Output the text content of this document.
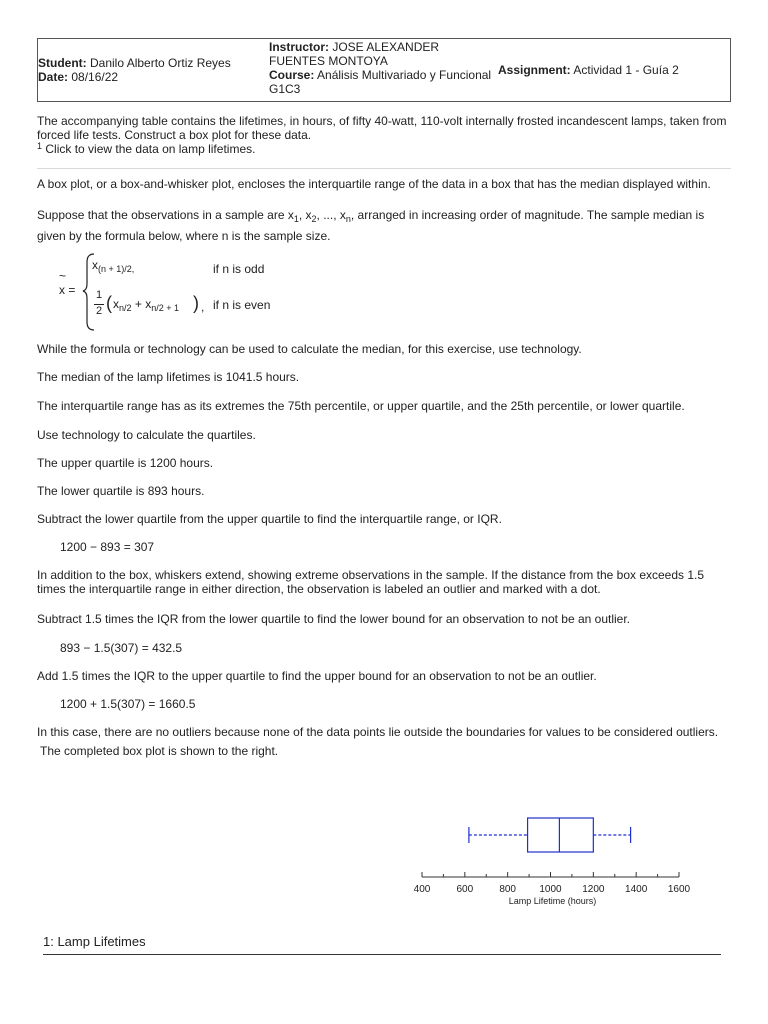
Student: Danilo Alberto Ortiz Reyes
Date: 08/16/22
Instructor: JOSE ALEXANDER
FUENTES MONTOYA
Course: Análisis Multivariado y Funcional
G1C3
Assignment: Actividad 1 - Guía 2
The accompanying table contains the lifetimes, in hours, of fifty 40-watt, 110-volt internally frosted incandescent lamps, taken from forced life tests. Construct a box plot for these data.
$^1$ Click to view the data on lamp lifetimes.
A box plot, or a box-and-whisker plot, encloses the interquartile range of the data in a box that has the median displayed within.
Suppose that the observations in a sample are $x_1$, $x_2$, ..., $x_n$, arranged in increasing order of magnitude. The sample median is given by the formula below, where n is the sample size.
~
x =
$x_{(n + 1)/2,}$	if n is odd
1
2 ( $x_{n/2} + x_{n/2 + 1}$ ) , if n is even
While the formula or technology can be used to calculate the median, for this exercise, use technology.
The median of the lamp lifetimes is 1041.5 hours.
The interquartile range has as its extremes the 75th percentile, or upper quartile, and the 25th percentile, or lower quartile.
Use technology to calculate the quartiles.
The upper quartile is 1200 hours.
The lower quartile is 893 hours.
Subtract the lower quartile from the upper quartile to find the interquartile range, or IQR.
1200 − 893 = 307
In addition to the box, whiskers extend, showing extreme observations in the sample. If the distance from the box exceeds 1.5 times the interquartile range in either direction, the observation is labeled an outlier and marked with a dot.
Subtract 1.5 times the IQR from the lower quartile to find the lower bound for an observation to not be an outlier.
893 − 1.5(307) = 432.5
Add 1.5 times the IQR to the upper quartile to find the upper bound for an observation to not be an outlier.
1200 + 1.5(307) = 1660.5
In this case, there are no outliers because none of the data points lie outside the boundaries for values to be considered outliers.
The completed box plot is shown to the right.
400	600	800 1000 1200 1400 1600
Lamp Lifetime (hours)
1: Lamp Lifetimes
